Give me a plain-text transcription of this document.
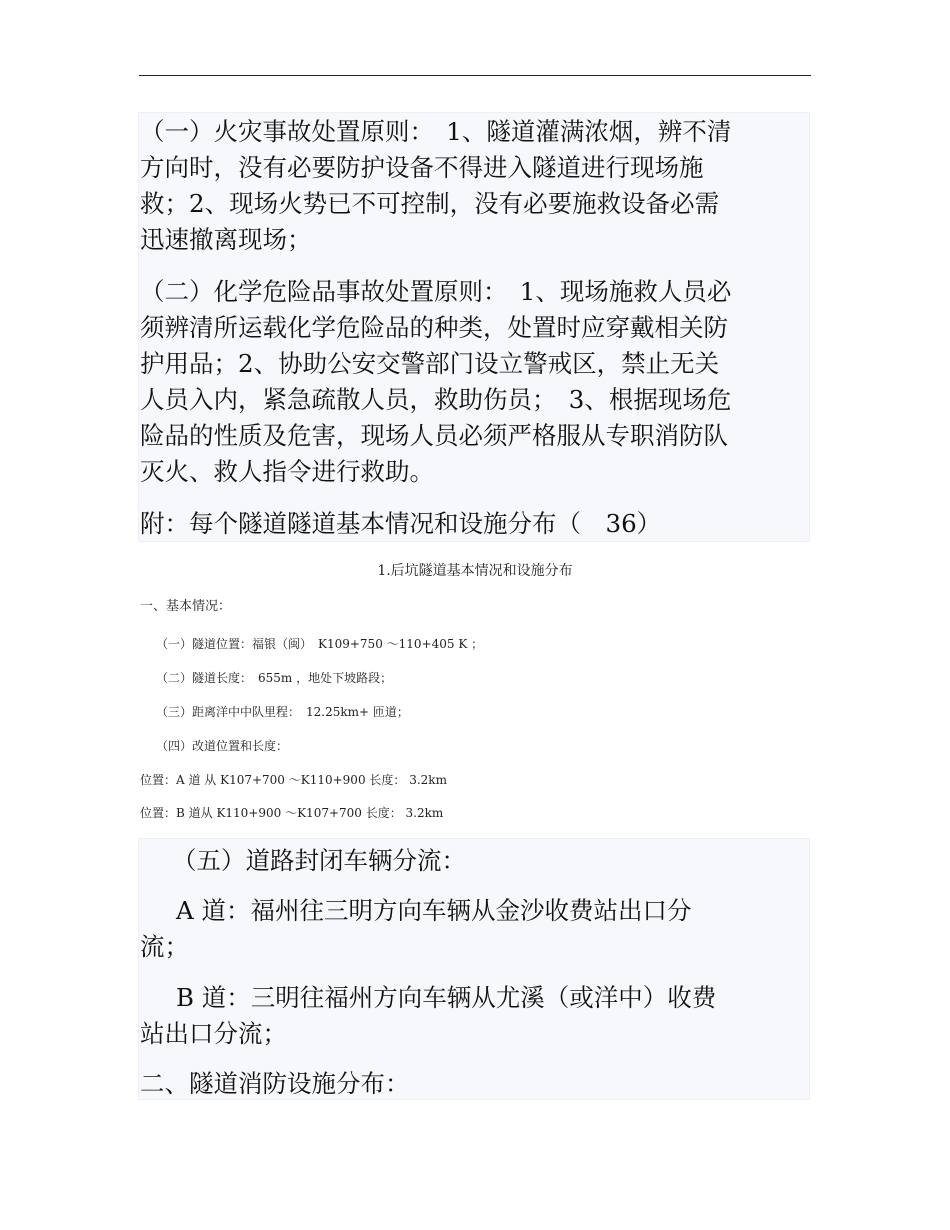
（一）火灾事故处置原则：　1、隧道灌满浓烟，辨不清
方向时，没有必要防护设备不得进入隧道进行现场施
救；2、现场火势已不可控制，没有必要施救设备必需
迅速撤离现场；
（二）化学危险品事故处置原则：　1、现场施救人员必
须辨清所运载化学危险品的种类，处置时应穿戴相关防
护用品；2、协助公安交警部门设立警戒区，禁止无关
人员入内，紧急疏散人员，救助伤员；　3、根据现场危
险品的性质及危害，现场人员必须严格服从专职消防队
灭火、救人指令进行救助。
附：每个隧道隧道基本情况和设施分布（　36）
1.后坑隧道基本情况和设施分布
一、基本情况：
（一）隧道位置：福银（闽）　K109+750 ～110+405 K ；
（二）隧道长度：　655m ，地处下坡路段；
（三）距离洋中中队里程：　12.25km+ 匝道；
（四）改道位置和长度：
位置：A 道 从 K107+700 ～K110+900 长度： 3.2km
位置：B 道从 K110+900 ～K107+700 长度： 3.2km
（五）道路封闭车辆分流：
A 道：福州往三明方向车辆从金沙收费站出口分
流；
B 道：三明往福州方向车辆从尤溪（或洋中）收费
站出口分流；
二、隧道消防设施分布：
